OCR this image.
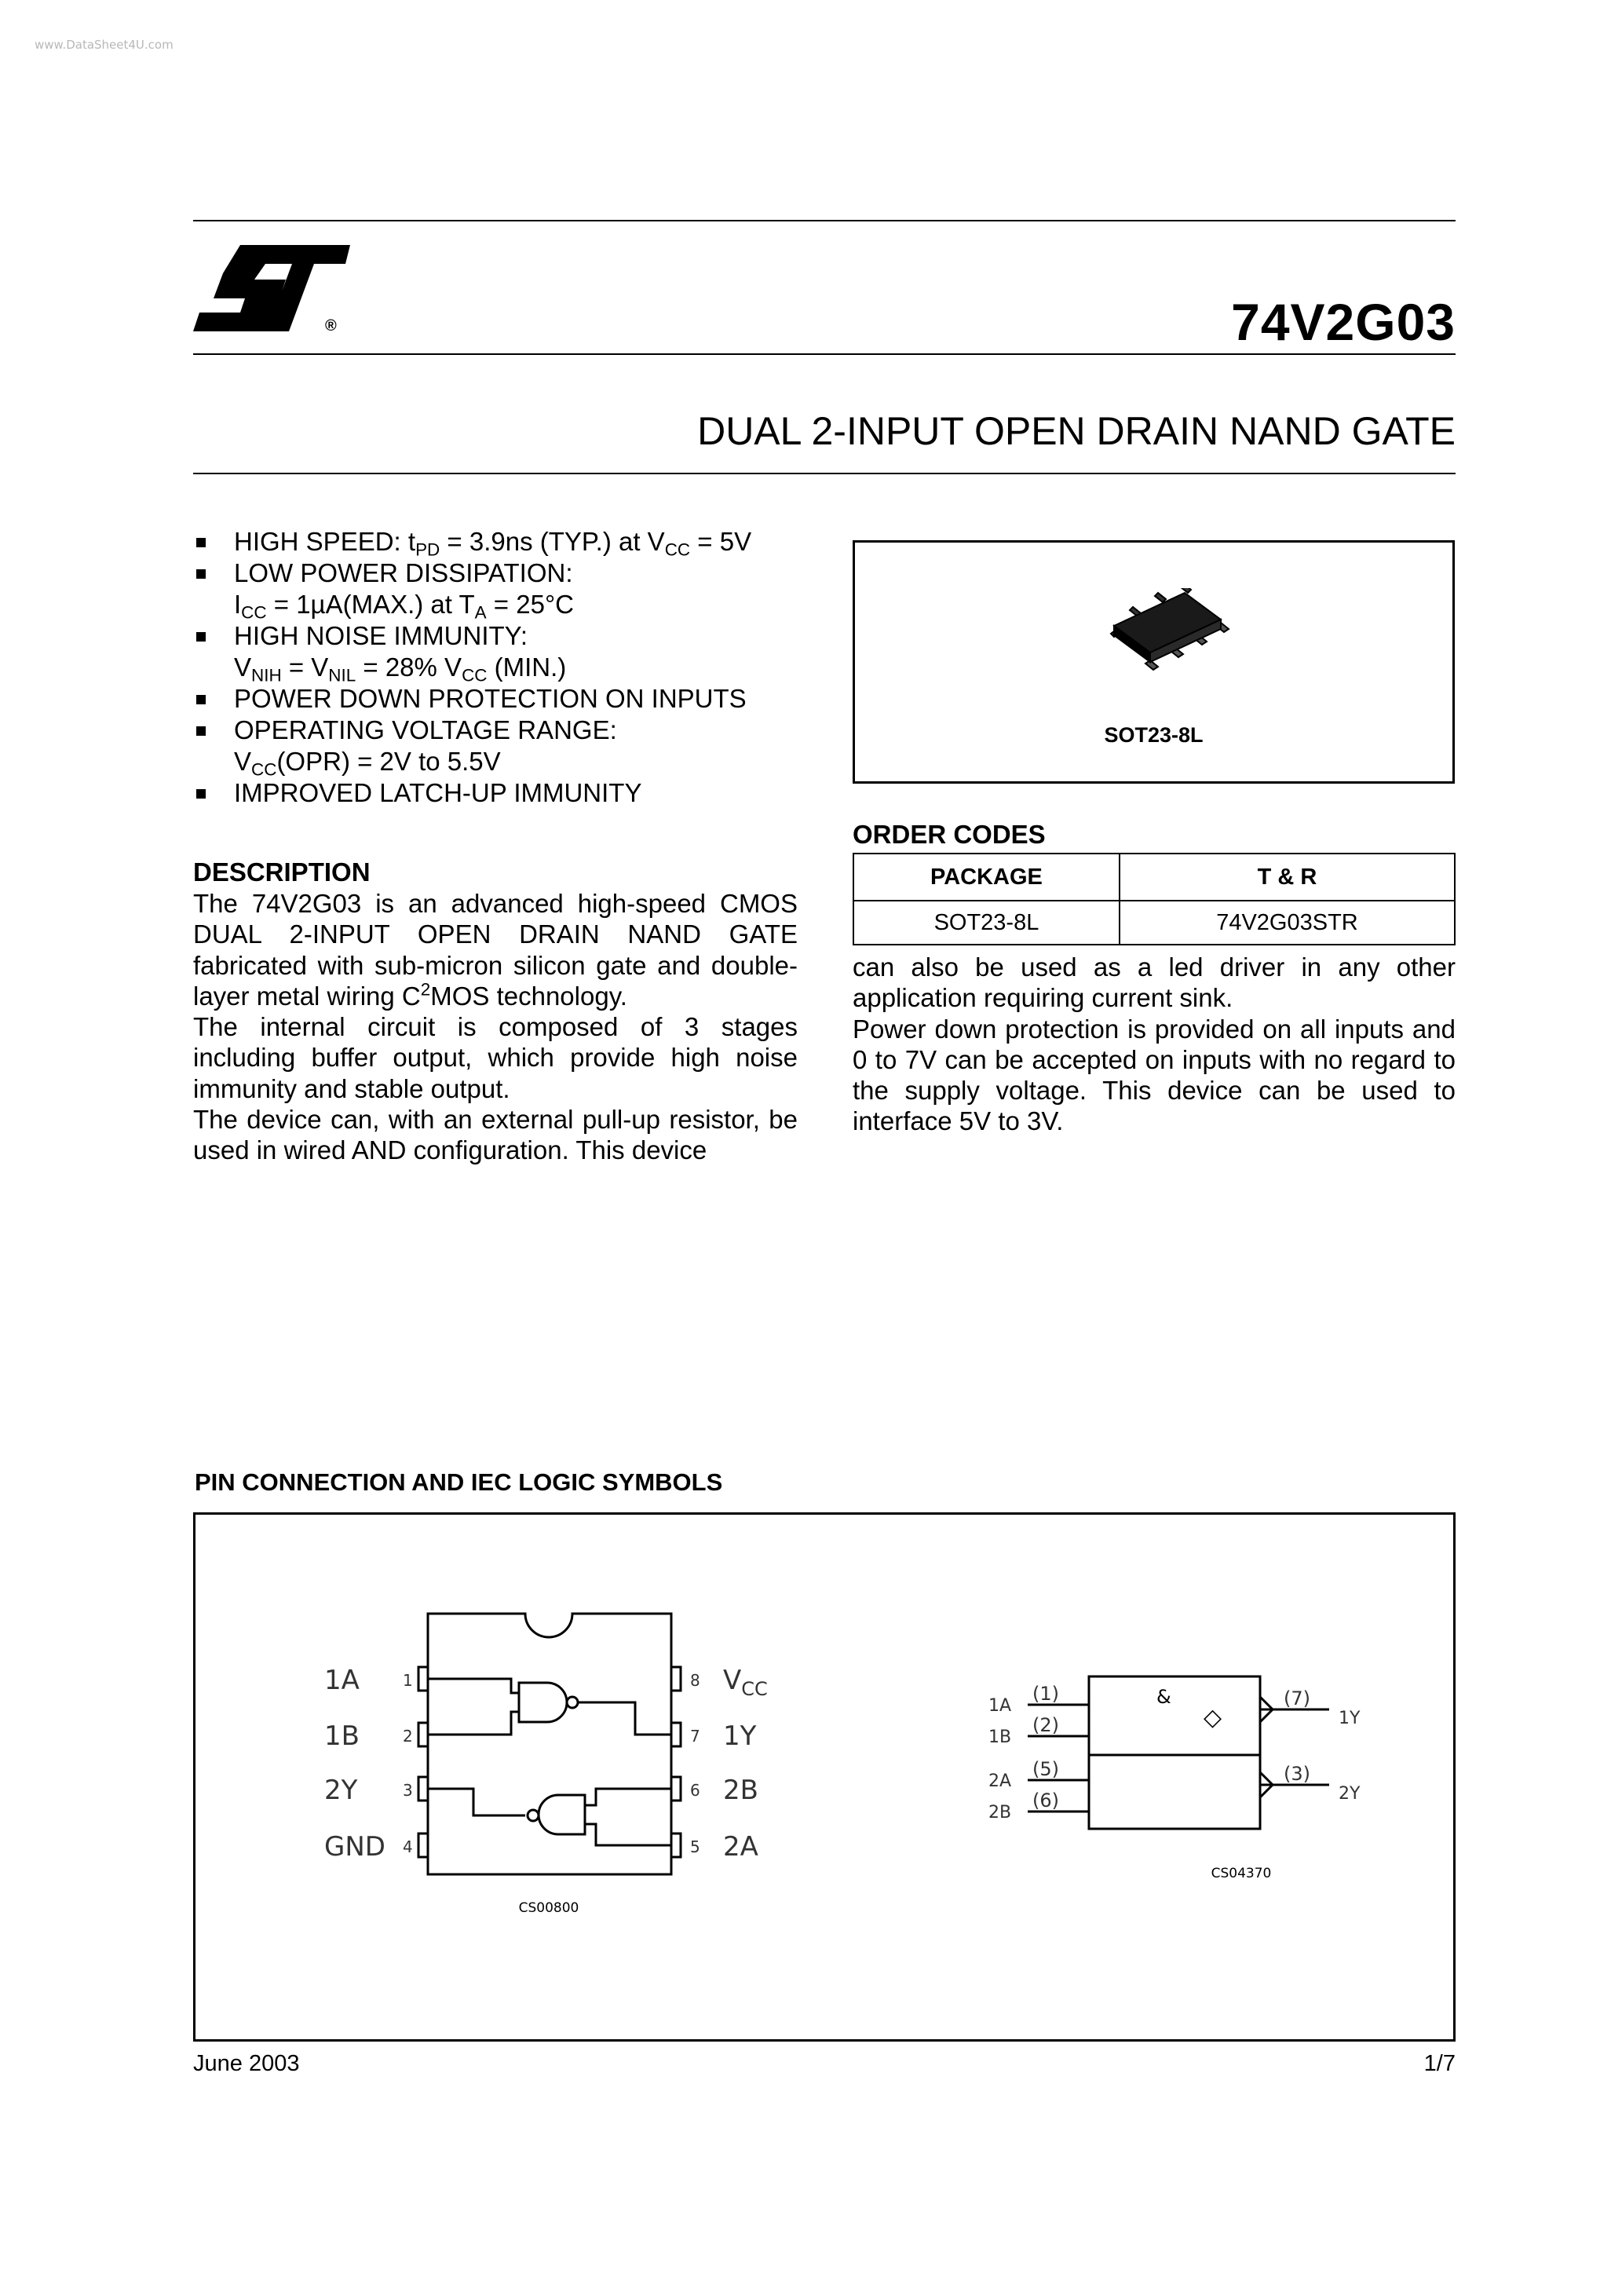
www.DataSheet4U.com
®	74V2G03
DUAL 2-INPUT OPEN DRAIN NAND GATE
HIGH SPEED: $t_{PD} = 3.9ns$ (TYP.) at $V_{CC} = 5V$
LOW POWER DISSIPATION:
$I_{CC} = 1\mu A(MAX.)$ at $T_A = 25^\circ C$
HIGH NOISE IMMUNITY:
$V_{NIH} = V_{NIL} = 28\%$ $V_{CC}$ (MIN.)
POWER DOWN PROTECTION ON INPUTS
OPERATING VOLTAGE RANGE:
$V_{CC}(OPR) = 2V$ to 5.5V
IMPROVED LATCH-UP IMMUNITY
DESCRIPTION
The 74V2G03 is an advanced high-speed CMOS DUAL 2-INPUT OPEN DRAIN NAND GATE fabricated with sub-micron silicon gate and double-layer metal wiring $C^2MOS$ technology.
The internal circuit is composed of 3 stages including buffer output, which provide high noise immunity and stable output.
The device can, with an external pull-up resistor, be used in wired AND configuration. This device
SOT23-8L
ORDER CODES
PACKAGE	T & R
SOT23-8L	74V2G03STR
can also be used as a led driver in any other application requiring current sink.
Power down protection is provided on all inputs and 0 to 7V can be accepted on inputs with no regard to the supply voltage. This device can be used to interface 5V to 3V.
PIN CONNECTION AND IEC LOGIC SYMBOLS
1A	1
1B	2
2Y	3
GND 4
8 $V_{CC}$
7 1Y
6 2B
5 2A
CS00800
1A
(1)
1B
(2)
2A
(5)
2B
(6)
(7)
1Y
(3)
2Y
&
◇
CS04370
June 2003	1/7
